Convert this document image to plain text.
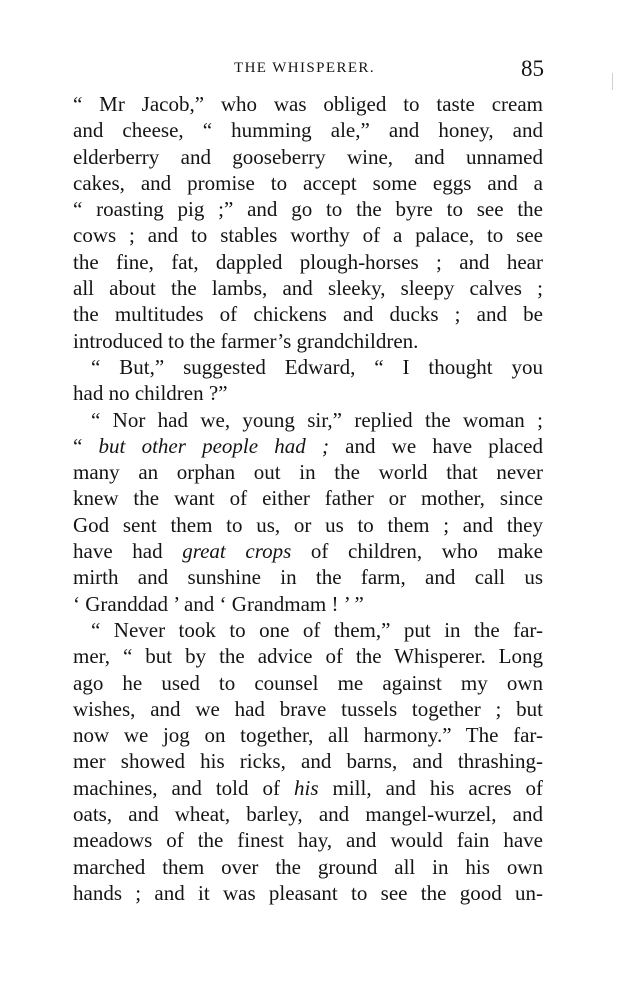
THE WHISPERER.	85
“ Mr Jacob,” who was obliged to taste cream
and cheese, “ humming ale,” and honey, and
elderberry and gooseberry wine, and unnamed
cakes, and promise to accept some eggs and a
“ roasting pig ;” and go to the byre to see the
cows ; and to stables worthy of a palace, to see
the fine, fat, dappled plough-horses ; and hear
all about the lambs, and sleeky, sleepy calves ;
the multitudes of chickens and ducks ; and be
introduced to the farmer’s grandchildren.
“ But,” suggested Edward, “ I thought you
had no children ?”
“ Nor had we, young sir,” replied the woman ;
“ but other people had ; and we have placed
many an orphan out in the world that never
knew the want of either father or mother, since
God sent them to us, or us to them ; and they
have had great crops of children, who make
mirth and sunshine in the farm, and call us
‘ Granddad ’ and ‘ Grandmam ! ’ ”
“ Never took to one of them,” put in the far-
mer, “ but by the advice of the Whisperer. Long
ago he used to counsel me against my own
wishes, and we had brave tussels together ; but
now we jog on together, all harmony.” The far-
mer showed his ricks, and barns, and thrashing-
machines, and told of his mill, and his acres of
oats, and wheat, barley, and mangel-wurzel, and
meadows of the finest hay, and would fain have
marched them over the ground all in his own
hands ; and it was pleasant to see the good un-
